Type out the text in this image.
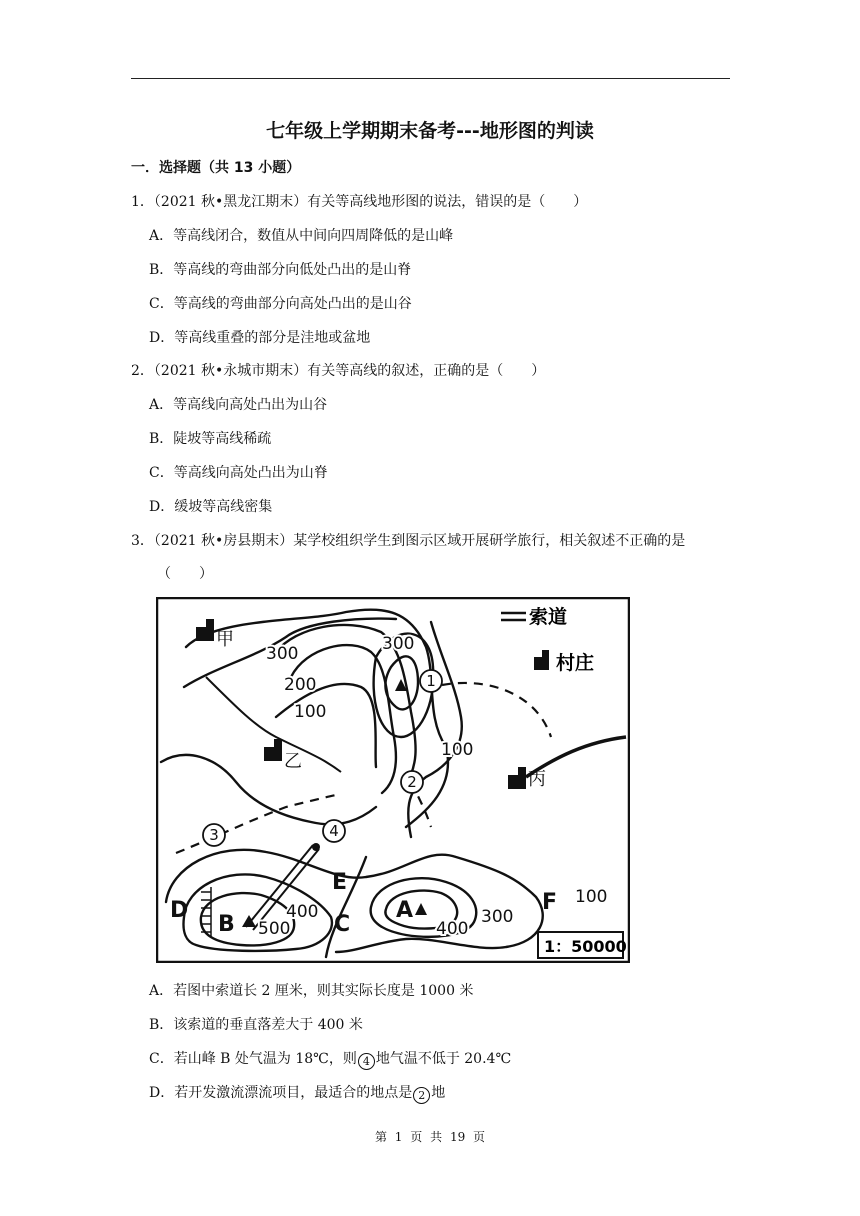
七年级上学期期末备考---地形图的判读
一．选择题（共 13 小题）
1．（2021 秋•黑龙江期末）有关等高线地形图的说法，错误的是（　　）
A．等高线闭合，数值从中间向四周降低的是山峰
B．等高线的弯曲部分向低处凸出的是山脊
C．等高线的弯曲部分向高处凸出的是山谷
D．等高线重叠的部分是洼地或盆地
2．（2021 秋•永城市期末）有关等高线的叙述，正确的是（　　）
A．等高线向高处凸出为山谷
B．陡坡等高线稀疏
C．等高线向高处凸出为山脊
D．缓坡等高线密集
3．（2021 秋•房县期末）某学校组织学生到图示区域开展研学旅行，相关叙述不正确的是
（　　）
索道
村庄
1：50000
300
200
100
300
100
400
500	400
300
100
甲
乙
丙
1
2
3	4
A
B	C
D
E
F
A．若图中索道长 2 厘米，则其实际长度是 1000 米
B．该索道的垂直落差大于 400 米
C．若山峰 B 处气温为 18℃，则 4 地气温不低于 20.4℃
D．若开发激流漂流项目，最适合的地点是 2 地
第 1 页 共 19 页
